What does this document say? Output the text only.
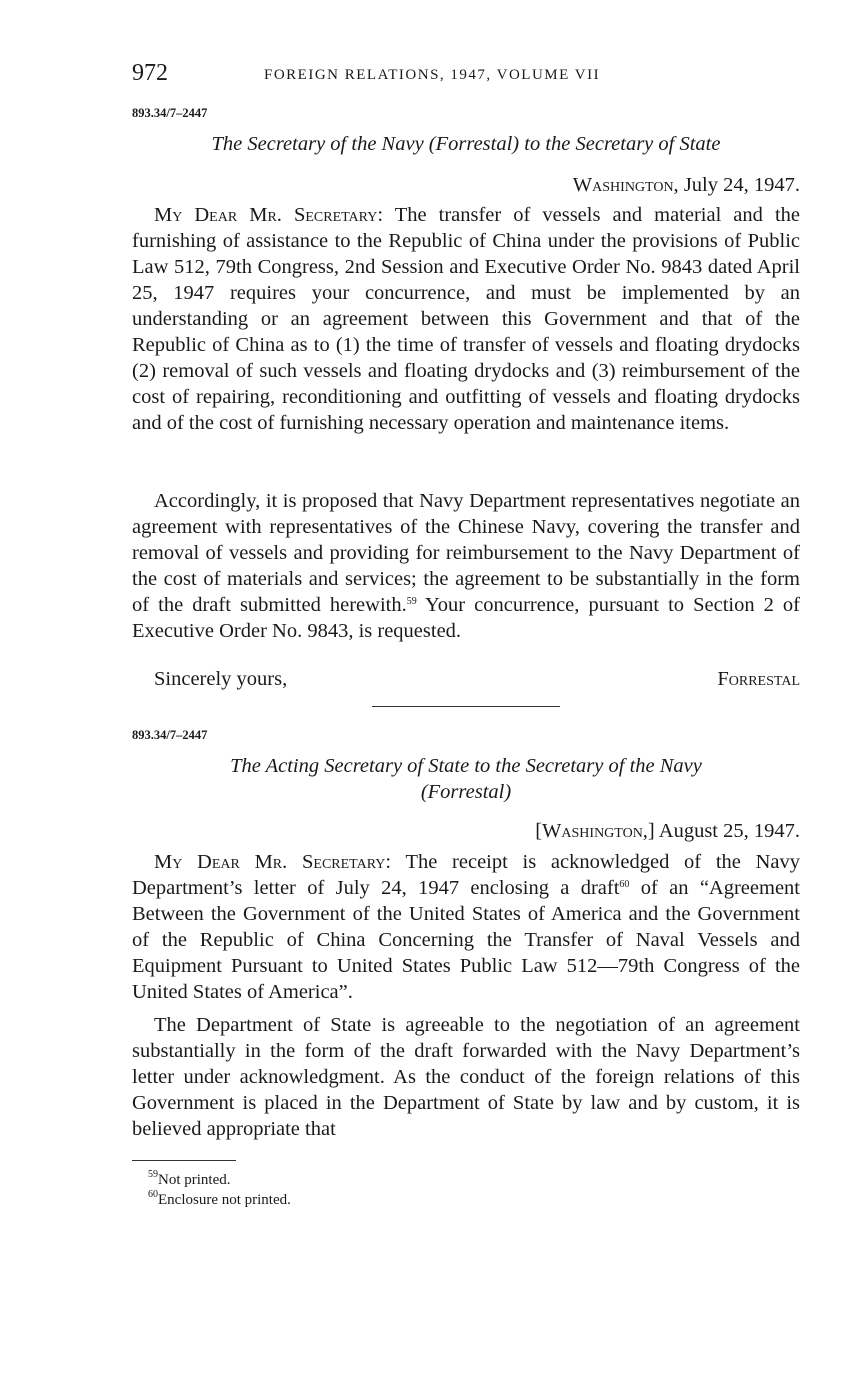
972	FOREIGN RELATIONS, 1947, VOLUME VII
893.34/7–2447
The Secretary of the Navy (Forrestal) to the Secretary of State
Washington, July 24, 1947.

My Dear Mr. Secretary: The transfer of vessels and material and the furnishing of assistance to the Republic of China under the provisions of Public Law 512, 79th Congress, 2nd Session and Executive Order No. 9843 dated April 25, 1947 requires your concurrence, and must be implemented by an understanding or an agreement between this Government and that of the Republic of China as to (1) the time of transfer of vessels and floating drydocks (2) removal of such vessels and floating drydocks and (3) reimbursement of the cost of repairing, reconditioning and outfitting of vessels and floating drydocks and of the cost of furnishing necessary operation and maintenance items.

Accordingly, it is proposed that Navy Department representatives negotiate an agreement with representatives of the Chinese Navy, covering the transfer and removal of vessels and providing for reimbursement to the Navy Department of the cost of materials and services; the agreement to be substantially in the form of the draft submitted herewith.$^{59}$ Your concurrence, pursuant to Section 2 of Executive Order No. 9843, is requested.

Sincerely yours,	Forrestal
893.34/7–2447
The Acting Secretary of State to the Secretary of the Navy
(Forrestal)
[Washington,] August 25, 1947.

My Dear Mr. Secretary: The receipt is acknowledged of the Navy Department’s letter of July 24, 1947 enclosing a draft$^{60}$ of an “Agreement Between the Government of the United States of America and the Government of the Republic of China Concerning the Transfer of Naval Vessels and Equipment Pursuant to United States Public Law 512—79th Congress of the United States of America”.

The Department of State is agreeable to the negotiation of an agreement substantially in the form of the draft forwarded with the Navy Department’s letter under acknowledgment. As the conduct of the foreign relations of this Government is placed in the Department of State by law and by custom, it is believed appropriate that

$^{59}$Not printed.
$^{60}$Enclosure not printed.
